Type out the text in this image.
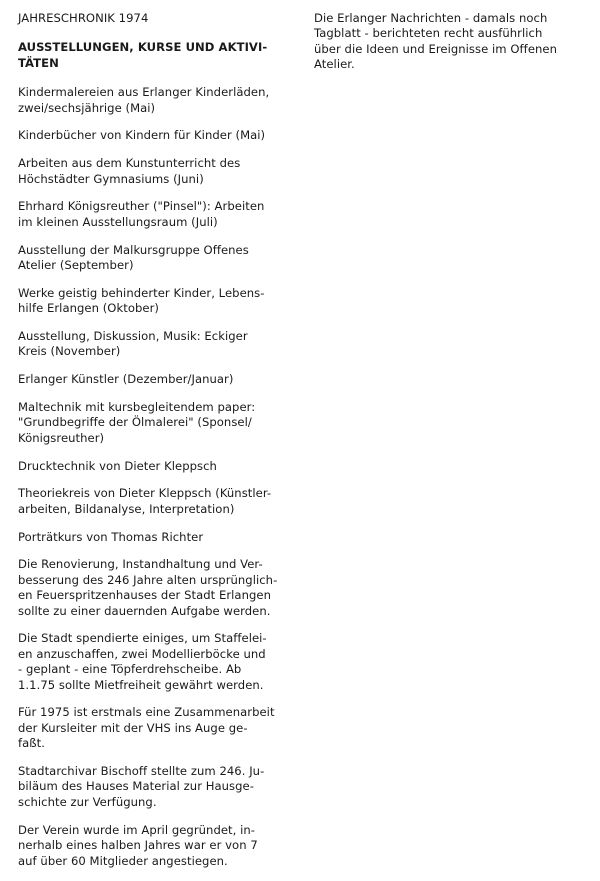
JAHRESCHRONIK 1974
AUSSTELLUNGEN, KURSE UND AKTIVI-
TÄTEN
Kindermalereien aus Erlanger Kinderläden,
zwei/sechsjährige (Mai)
Kinderbücher von Kindern für Kinder (Mai)
Arbeiten aus dem Kunstunterricht des
Höchstädter Gymnasiums (Juni)
Ehrhard Königsreuther ("Pinsel"): Arbeiten
im kleinen Ausstellungsraum (Juli)
Ausstellung der Malkursgruppe Offenes
Atelier (September)
Werke geistig behinderter Kinder, Lebens-
hilfe Erlangen (Oktober)
Ausstellung, Diskussion, Musik: Eckiger
Kreis (November)
Erlanger Künstler (Dezember/Januar)
Maltechnik mit kursbegleitendem paper:
"Grundbegriffe der Ölmalerei" (Sponsel/
Königsreuther)
Drucktechnik von Dieter Kleppsch
Theoriekreis von Dieter Kleppsch (Künstler-
arbeiten, Bildanalyse, Interpretation)
Porträtkurs von Thomas Richter
Die Renovierung, Instandhaltung und Ver-
besserung des 246 Jahre alten ursprünglich-
en Feuerspritzenhauses der Stadt Erlangen
sollte zu einer dauernden Aufgabe werden.
Die Stadt spendierte einiges, um Staffelei-
en anzuschaffen, zwei Modellierböcke und
- geplant - eine Töpferdrehscheibe. Ab
1.1.75 sollte Mietfreiheit gewährt werden.
Für 1975 ist erstmals eine Zusammenarbeit
der Kursleiter mit der VHS ins Auge ge-
faßt.
Stadtarchivar Bischoff stellte zum 246. Ju-
biläum des Hauses Material zur Hausge-
schichte zur Verfügung.
Der Verein wurde im April gegründet, in-
nerhalb eines halben Jahres war er von 7
auf über 60 Mitglieder angestiegen.
Die Erlanger Nachrichten - damals noch
Tagblatt - berichteten recht ausführlich
über die Ideen und Ereignisse im Offenen
Atelier.
